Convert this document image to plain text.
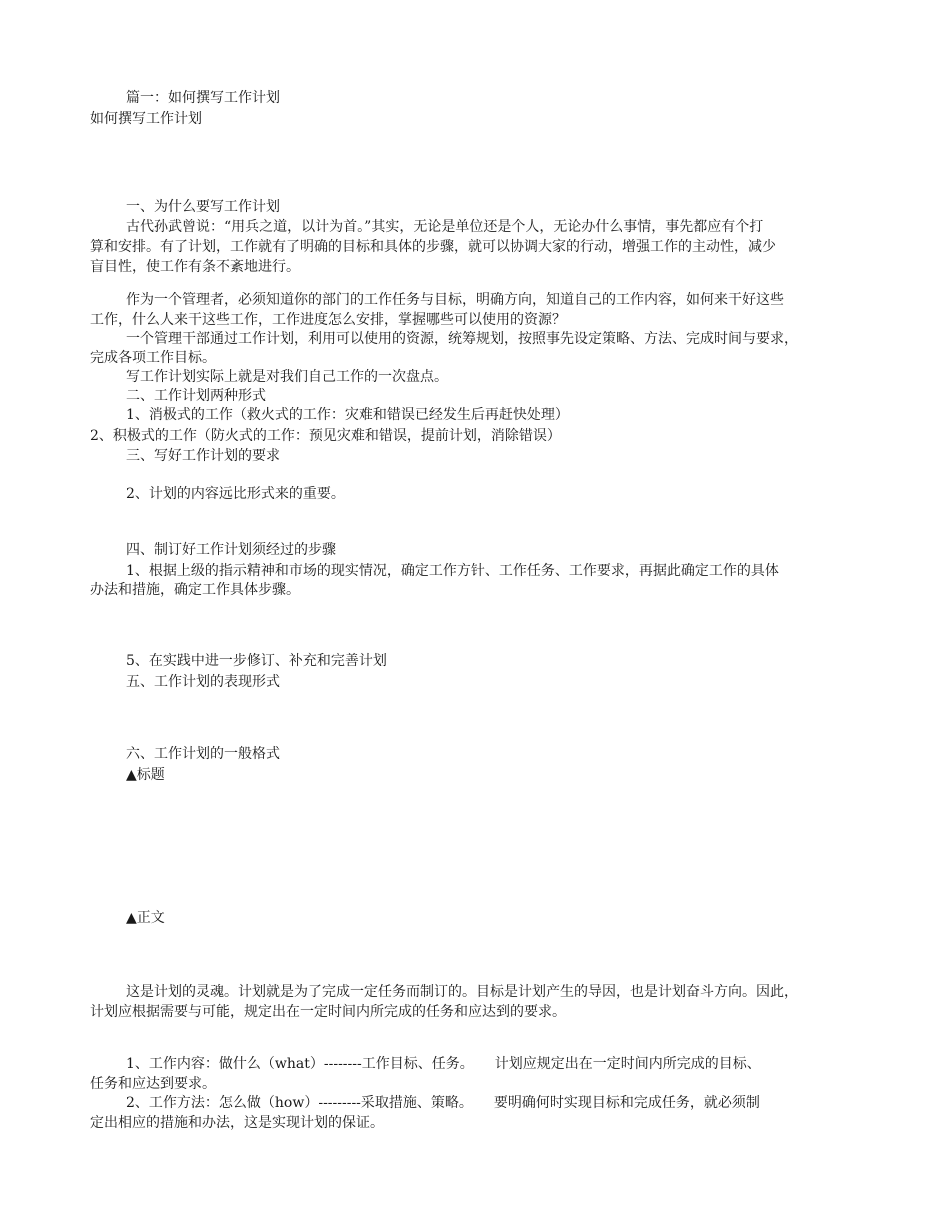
篇一：如何撰写工作计划

如何撰写工作计划

一、为什么要写工作计划

古代孙武曾说：“用兵之道，以计为首。”其实，无论是单位还是个人，无论办什么事情，事先都应有个打

算和安排。有了计划，工作就有了明确的目标和具体的步骤，就可以协调大家的行动，增强工作的主动性，减少

盲目性，使工作有条不紊地进行。

作为一个管理者，必须知道你的部门的工作任务与目标，明确方向，知道自己的工作内容，如何来干好这些

工作，什么人来干这些工作，工作进度怎么安排，掌握哪些可以使用的资源？

一个管理干部通过工作计划，利用可以使用的资源，统筹规划，按照事先设定策略、方法、完成时间与要求，

完成各项工作目标。

写工作计划实际上就是对我们自己工作的一次盘点。

二、工作计划两种形式

1、消极式的工作（救火式的工作：灾难和错误已经发生后再赶快处理）

2、积极式的工作（防火式的工作：预见灾难和错误，提前计划，消除错误）

三、写好工作计划的要求

2、计划的内容远比形式来的重要。

四、制订好工作计划须经过的步骤

1、根据上级的指示精神和市场的现实情况，确定工作方针、工作任务、工作要求，再据此确定工作的具体

办法和措施，确定工作具体步骤。

5、在实践中进一步修订、补充和完善计划

五、工作计划的表现形式

六、工作计划的一般格式

▲标题

▲正文

这是计划的灵魂。计划就是为了完成一定任务而制订的。目标是计划产生的导因，也是计划奋斗方向。因此，

计划应根据需要与可能，规定出在一定时间内所完成的任务和应达到的要求。

1、工作内容：做什么（what）--------工作目标、任务。　　计划应规定出在一定时间内所完成的目标、

任务和应达到要求。

2、工作方法：怎么做（how）---------采取措施、策略。　　要明确何时实现目标和完成任务，就必须制

定出相应的措施和办法，这是实现计划的保证。
